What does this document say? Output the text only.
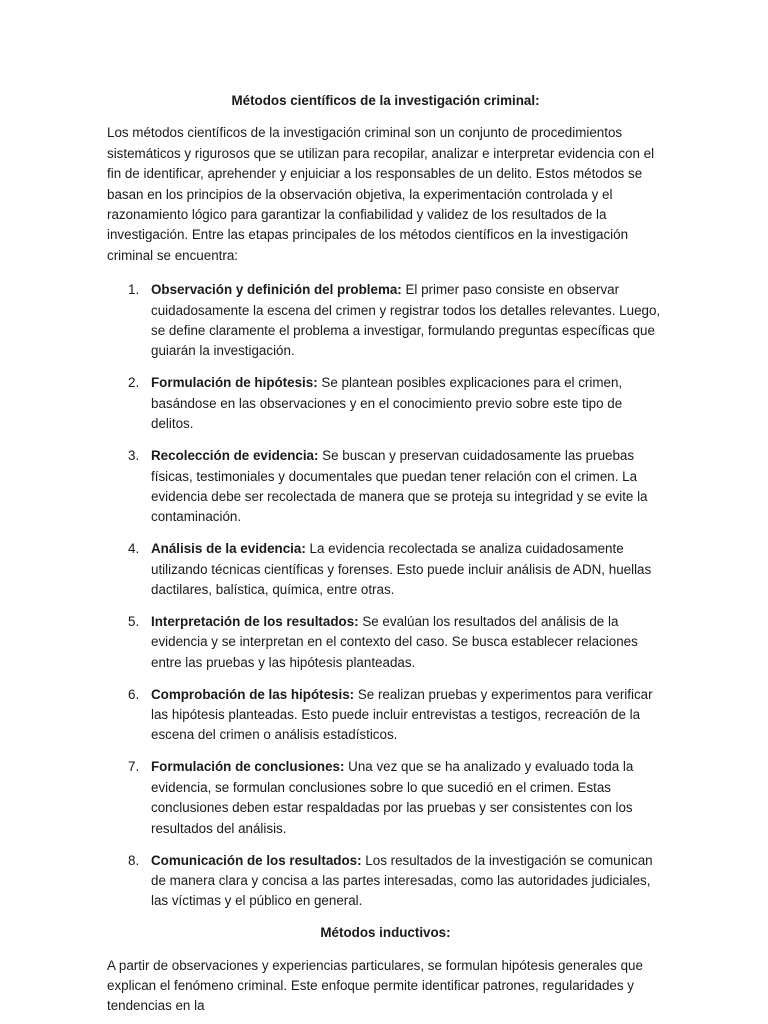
Métodos científicos de la investigación criminal:

Los métodos científicos de la investigación criminal son un conjunto de procedimientos sistemáticos y rigurosos que se utilizan para recopilar, analizar e interpretar evidencia con el fin de identificar, aprehender y enjuiciar a los responsables de un delito. Estos métodos se basan en los principios de la observación objetiva, la experimentación controlada y el razonamiento lógico para garantizar la confiabilidad y validez de los resultados de la investigación. Entre las etapas principales de los métodos científicos en la investigación criminal se encuentra:

1. Observación y definición del problema: El primer paso consiste en observar cuidadosamente la escena del crimen y registrar todos los detalles relevantes. Luego, se define claramente el problema a investigar, formulando preguntas específicas que guiarán la investigación.
2. Formulación de hipótesis: Se plantean posibles explicaciones para el crimen, basándose en las observaciones y en el conocimiento previo sobre este tipo de delitos.
3. Recolección de evidencia: Se buscan y preservan cuidadosamente las pruebas físicas, testimoniales y documentales que puedan tener relación con el crimen. La evidencia debe ser recolectada de manera que se proteja su integridad y se evite la contaminación.
4. Análisis de la evidencia: La evidencia recolectada se analiza cuidadosamente utilizando técnicas científicas y forenses. Esto puede incluir análisis de ADN, huellas dactilares, balística, química, entre otras.
5. Interpretación de los resultados: Se evalúan los resultados del análisis de la evidencia y se interpretan en el contexto del caso. Se busca establecer relaciones entre las pruebas y las hipótesis planteadas.
6. Comprobación de las hipótesis: Se realizan pruebas y experimentos para verificar las hipótesis planteadas. Esto puede incluir entrevistas a testigos, recreación de la escena del crimen o análisis estadísticos.
7. Formulación de conclusiones: Una vez que se ha analizado y evaluado toda la evidencia, se formulan conclusiones sobre lo que sucedió en el crimen. Estas conclusiones deben estar respaldadas por las pruebas y ser consistentes con los resultados del análisis.
8. Comunicación de los resultados: Los resultados de la investigación se comunican de manera clara y concisa a las partes interesadas, como las autoridades judiciales, las víctimas y el público en general.

Métodos inductivos:

A partir de observaciones y experiencias particulares, se formulan hipótesis generales que explican el fenómeno criminal. Este enfoque permite identificar patrones, regularidades y tendencias en la
